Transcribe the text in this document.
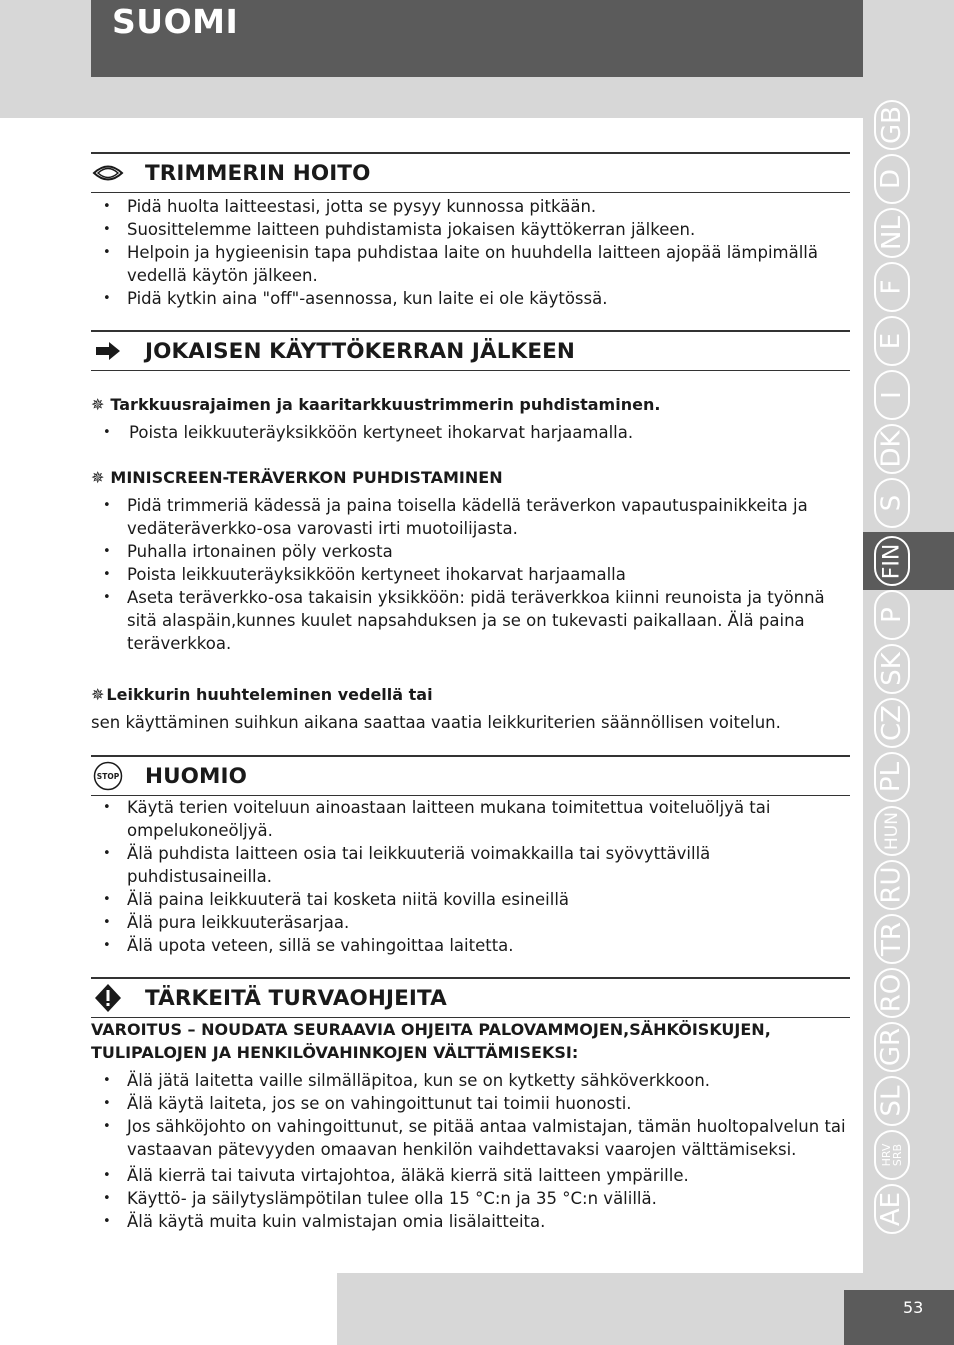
SUOMI
TRIMMERIN HOITO
• Pidä huolta laitteestasi, jotta se pysyy kunnossa pitkään.
• Suosittelemme laitteen puhdistamista jokaisen käyttökerran jälkeen.
• Helpoin ja hygieenisin tapa puhdistaa laite on huuhdella laitteen ajopää lämpimällä vedellä käytön jälkeen.
• Pidä kytkin aina "off"-asennossa, kun laite ei ole käytössä.
JOKAISEN KÄYTTÖKERRAN JÄLKEEN
✵ Tarkkuusrajaimen ja kaaritarkkuustrimmerin puhdistaminen.
• Poista leikkuuteräyksikköön kertyneet ihokarvat harjaamalla.
✵ MINISCREEN-TERÄVERKON PUHDISTAMINEN
• Pidä trimmeriä kädessä ja paina toisella kädellä teräverkon vapautuspainikkeita ja vedäteräverkko-osa varovasti irti muotoilijasta.
• Puhalla irtonainen pöly verkosta
• Poista leikkuuteräyksikköön kertyneet ihokarvat harjaamalla
• Aseta teräverkko-osa takaisin yksikköön: pidä teräverkkoa kiinni reunoista ja työnnä sitä alaspäin,kunnes kuulet napsahduksen ja se on tukevasti paikallaan. Älä paina teräverkkoa.
✵ Leikkurin huuhteleminen vedellä tai
sen käyttäminen suihkun aikana saattaa vaatia leikkuriterien säännöllisen voitelun.
STOP HUOMIO
• Käytä terien voiteluun ainoastaan laitteen mukana toimitettua voiteluöljyä tai ompelukoneöljyä.
• Älä puhdista laitteen osia tai leikkuuteriä voimakkailla tai syövyttävillä puhdistusaineilla.
• Älä paina leikkuuterä tai kosketa niitä kovilla esineillä
• Älä pura leikkuuteräsarjaa.
• Älä upota veteen, sillä se vahingoittaa laitetta.
TÄRKEITÄ TURVAOHJEITA
VAROITUS – NOUDATA SEURAAVIA OHJEITA PALOVAMMOJEN,SÄHKÖISKUJEN, TULIPALOJEN JA HENKILÖVAHINKOJEN VÄLTTÄMISEKSI:
• Älä jätä laitetta vaille silmälläpitoa, kun se on kytketty sähköverkkoon.
• Älä käytä laiteta, jos se on vahingoittunut tai toimii huonosti.
• Jos sähköjohto on vahingoittunut, se pitää antaa valmistajan, tämän huoltopalvelun tai vastaavan pätevyyden omaavan henkilön vaihdettavaksi vaarojen välttämiseksi.
• Älä kierrä tai taivuta virtajohtoa, äläkä kierrä sitä laitteen ympärille.
• Käyttö- ja säilytyslämpötilan tulee olla 15 °C:n ja 35 °C:n välillä.
• Älä käytä muita kuin valmistajan omia lisälaitteita.
GB
D
NL
F
E
I
DK
S
FIN
P
SK
CZ
PL
HUN
RU
TR
RO
GR
SL
HRV SRB
AE
53
